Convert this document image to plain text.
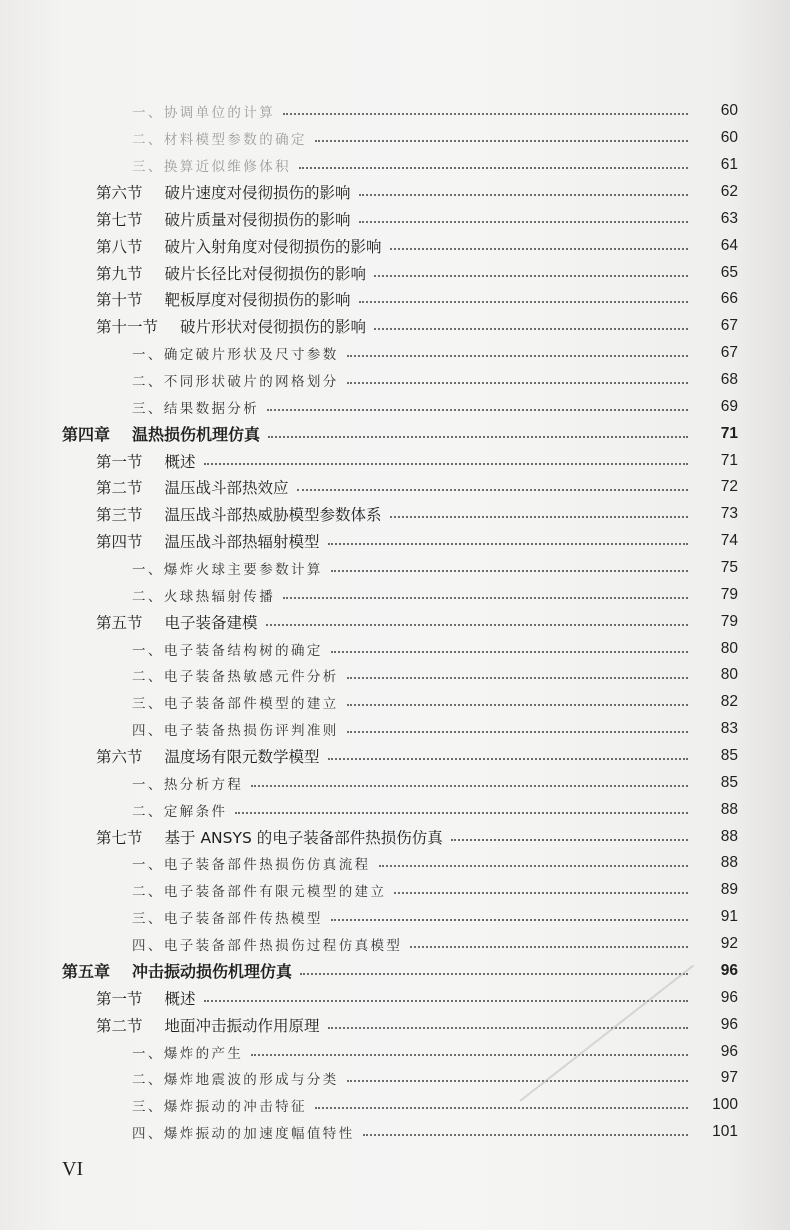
一、协调单位的计算	60
二、材料模型参数的确定	60
三、换算近似维修体积	61
第六节 破片速度对侵彻损伤的影响	62
第七节 破片质量对侵彻损伤的影响	63
第八节 破片入射角度对侵彻损伤的影响	64
第九节 破片长径比对侵彻损伤的影响	65
第十节 靶板厚度对侵彻损伤的影响	66
第十一节 破片形状对侵彻损伤的影响	67
一、确定破片形状及尺寸参数	67
二、不同形状破片的网格划分	68
三、结果数据分析	69
第四章 温热损伤机理仿真	71
第一节 概述	71
第二节 温压战斗部热效应	72
第三节 温压战斗部热威胁模型参数体系	73
第四节 温压战斗部热辐射模型	74
一、爆炸火球主要参数计算	75
二、火球热辐射传播	79
第五节 电子装备建模	79
一、电子装备结构树的确定	80
二、电子装备热敏感元件分析	80
三、电子装备部件模型的建立	82
四、电子装备热损伤评判准则	83
第六节 温度场有限元数学模型	85
一、热分析方程	85
二、定解条件	88
第七节 基于 ANSYS 的电子装备部件热损伤仿真	88
一、电子装备部件热损伤仿真流程	88
二、电子装备部件有限元模型的建立	89
三、电子装备部件传热模型	91
四、电子装备部件热损伤过程仿真模型	92
第五章 冲击振动损伤机理仿真	96
第一节 概述	96
第二节 地面冲击振动作用原理	96
一、爆炸的产生	96
二、爆炸地震波的形成与分类	97
三、爆炸振动的冲击特征	100
四、爆炸振动的加速度幅值特性	101
VI
